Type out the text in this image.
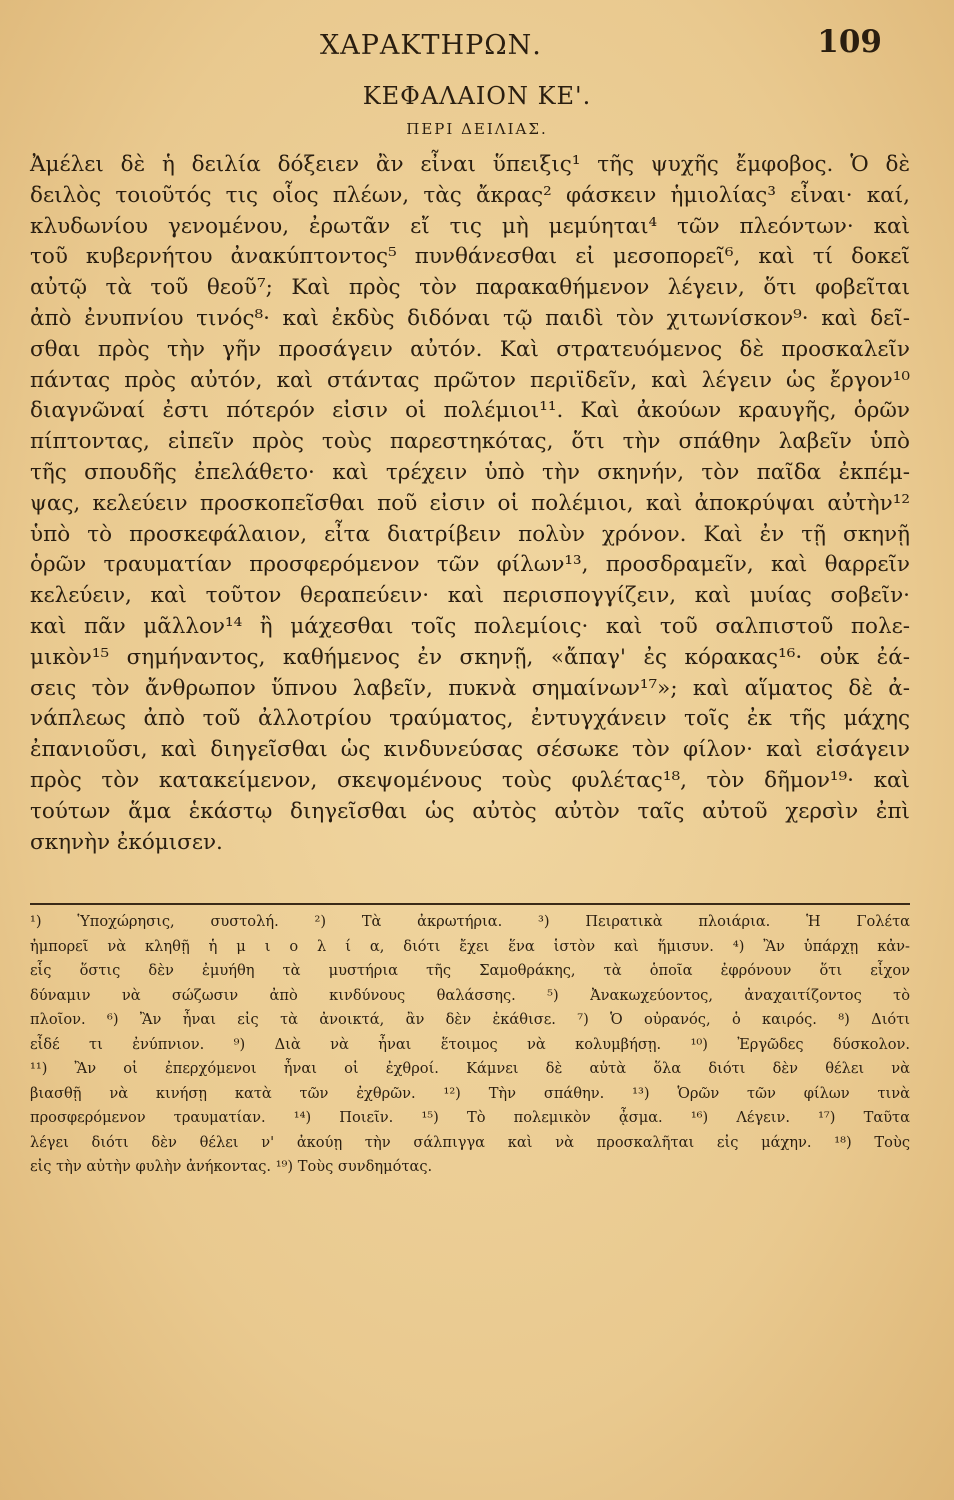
ΧΑΡΑΚΤΗΡΩΝ.	109
ΚΕΦΑΛΑΙΟΝ ΚΕ'.
ΠΕΡΙ ΔΕΙΛΙΑΣ.
Ἀμέλει δὲ ἡ δειλία δόξειεν ἂν εἶναι ὕπειξις¹ τῆς ψυχῆς ἔμφοβος. Ὁ δὲ
δειλὸς τοιοῦτός τις οἷος πλέων, τὰς ἄκρας² φάσκειν ἡμιολίας³ εἶναι· καί,
κλυδωνίου γενομένου, ἐρωτᾶν εἴ τις μὴ μεμύηται⁴ τῶν πλεόντων· καὶ
τοῦ κυβερνήτου ἀνακύπτοντος⁵ πυνθάνεσθαι εἰ μεσοπορεῖ⁶, καὶ τί δοκεῖ
αὐτῷ τὰ τοῦ θεοῦ⁷; Καὶ πρὸς τὸν παρακαθήμενον λέγειν, ὅτι φοβεῖται
ἀπὸ ἐνυπνίου τινός⁸· καὶ ἐκδὺς διδόναι τῷ παιδὶ τὸν χιτωνίσκον⁹· καὶ δεῖ-
σθαι πρὸς τὴν γῆν προσάγειν αὐτόν. Καὶ στρατευόμενος δὲ προσκαλεῖν
πάντας πρὸς αὐτόν, καὶ στάντας πρῶτον περιϊδεῖν, καὶ λέγειν ὡς ἔργον¹⁰
διαγνῶναί ἐστι πότερόν εἰσιν οἱ πολέμιοι¹¹. Καὶ ἀκούων κραυγῆς, ὁρῶν
πίπτοντας, εἰπεῖν πρὸς τοὺς παρεστηκότας, ὅτι τὴν σπάθην λαβεῖν ὑπὸ
τῆς σπουδῆς ἐπελάθετο· καὶ τρέχειν ὑπὸ τὴν σκηνήν, τὸν παῖδα ἐκπέμ-
ψας, κελεύειν προσκοπεῖσθαι ποῦ εἰσιν οἱ πολέμιοι, καὶ ἀποκρύψαι αὐτὴν¹²
ὑπὸ τὸ προσκεφάλαιον, εἶτα διατρίβειν πολὺν χρόνον. Καὶ ἐν τῇ σκηνῇ
ὁρῶν τραυματίαν προσφερόμενον τῶν φίλων¹³, προσδραμεῖν, καὶ θαρρεῖν
κελεύειν, καὶ τοῦτον θεραπεύειν· καὶ περισπογγίζειν, καὶ μυίας σοβεῖν·
καὶ πᾶν μᾶλλον¹⁴ ἢ μάχεσθαι τοῖς πολεμίοις· καὶ τοῦ σαλπιστοῦ πολε-
μικὸν¹⁵ σημήναντος, καθήμενος ἐν σκηνῇ, «ἄπαγ' ἐς κόρακας¹⁶· οὐκ ἐά-
σεις τὸν ἄνθρωπον ὕπνου λαβεῖν, πυκνὰ σημαίνων¹⁷»; καὶ αἵματος δὲ ἀ-
νάπλεως ἀπὸ τοῦ ἀλλοτρίου τραύματος, ἐντυγχάνειν τοῖς ἐκ τῆς μάχης
ἐπανιοῦσι, καὶ διηγεῖσθαι ὡς κινδυνεύσας σέσωκε τὸν φίλον· καὶ εἰσάγειν
πρὸς τὸν κατακείμενον, σκεψομένους τοὺς φυλέτας¹⁸, τὸν δῆμον¹⁹· καὶ
τούτων ἅμα ἑκάστῳ διηγεῖσθαι ὡς αὐτὸς αὐτὸν ταῖς αὐτοῦ χερσὶν ἐπὶ
σκηνὴν ἐκόμισεν.
¹) Ὑποχώρησις, συστολή. ²) Τὰ ἀκρωτήρια. ³) Πειρατικὰ πλοιάρια. Ἡ Γολέτα
ἠμπορεῖ νὰ κληθῇ ἡ μ ι ο λ ί α, διότι ἔχει ἕνα ἱστὸν καὶ ἥμισυν. ⁴) Ἂν ὑπάρχῃ κἀν-
εἷς ὅστις δὲν ἐμυήθη τὰ μυστήρια τῆς Σαμοθράκης, τὰ ὁποῖα ἐφρόνουν ὅτι εἶχον
δύναμιν νὰ σώζωσιν ἀπὸ κινδύνους θαλάσσης. ⁵) Ἀνακωχεύοντος, ἀναχαιτίζοντος τὸ
πλοῖον. ⁶) Ἂν ἦναι εἰς τὰ ἀνοικτά, ἂν δὲν ἐκάθισε. ⁷) Ὁ οὐρανός, ὁ καιρός. ⁸) Διότι
εἶδέ τι ἐνύπνιον. ⁹) Διὰ νὰ ἦναι ἕτοιμος νὰ κολυμβήσῃ. ¹⁰) Ἐργῶδες δύσκολον.
¹¹) Ἂν οἱ ἐπερχόμενοι ἦναι οἱ ἐχθροί. Κάμνει δὲ αὐτὰ ὅλα διότι δὲν θέλει νὰ
βιασθῇ νὰ κινήσῃ κατὰ τῶν ἐχθρῶν. ¹²) Τὴν σπάθην. ¹³) Ὁρῶν τῶν φίλων τινὰ
προσφερόμενον τραυματίαν. ¹⁴) Ποιεῖν. ¹⁵) Τὸ πολεμικὸν ᾆσμα. ¹⁶) Λέγειν. ¹⁷) Ταῦτα
λέγει διότι δὲν θέλει ν' ἀκούῃ τὴν σάλπιγγα καὶ νὰ προσκαλῆται εἰς μάχην. ¹⁸) Τοὺς
εἰς τὴν αὐτὴν φυλὴν ἀνήκοντας. ¹⁹) Τοὺς συνδημότας.
